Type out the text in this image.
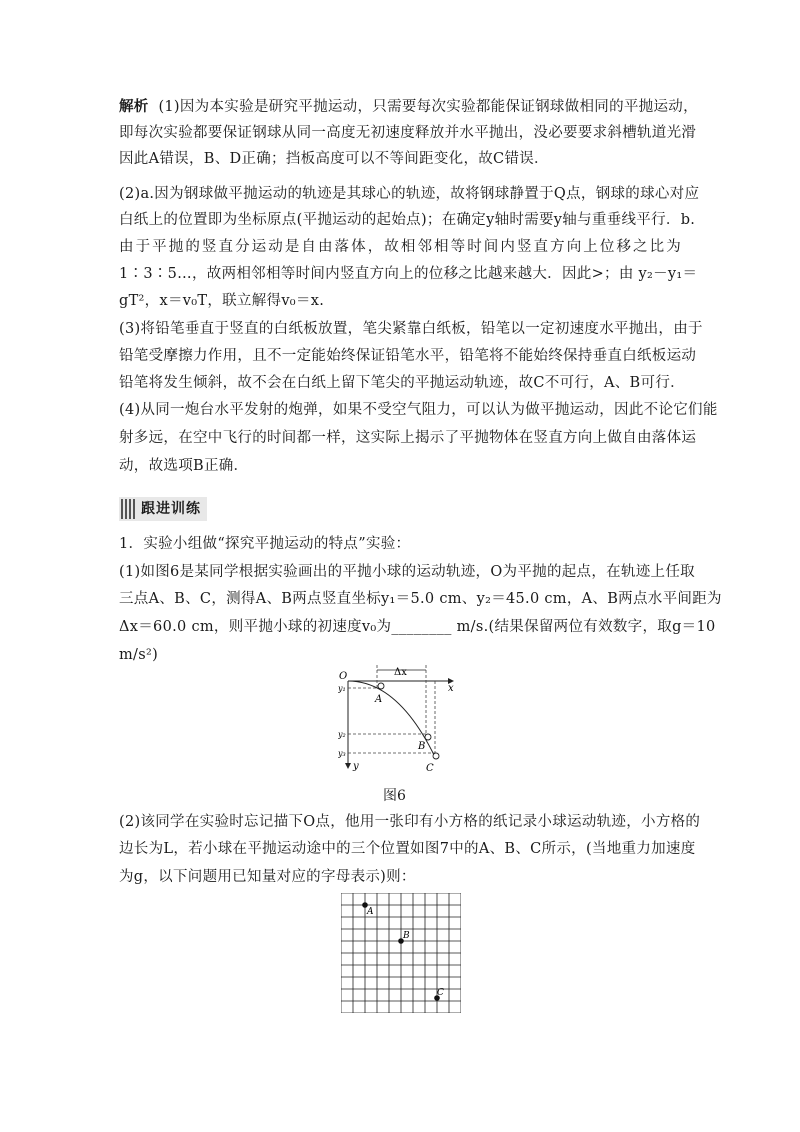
解析 (1)因为本实验是研究平抛运动，只需要每次实验都能保证钢球做相同的平抛运动，
即每次实验都要保证钢球从同一高度无初速度释放并水平抛出，没必要要求斜槽轨道光滑
因此A错误，B、D正确；挡板高度可以不等间距变化，故C错误．
(2)a.因为钢球做平抛运动的轨迹是其球心的轨迹，故将钢球静置于Q点，钢球的球心对应
白纸上的位置即为坐标原点(平抛运动的起始点)；在确定y轴时需要y轴与重垂线平行．b.
由于平抛的竖直分运动是自由落体，故相邻相等时间内竖直方向上位移之比为
1∶3∶5…，故两相邻相等时间内竖直方向上的位移之比越来越大．因此>；由 y₂－y₁＝
gT²，x＝v₀T，联立解得v₀＝x.
(3)将铅笔垂直于竖直的白纸板放置，笔尖紧靠白纸板，铅笔以一定初速度水平抛出，由于
铅笔受摩擦力作用，且不一定能始终保证铅笔水平，铅笔将不能始终保持垂直白纸板运动
铅笔将发生倾斜，故不会在白纸上留下笔尖的平抛运动轨迹，故C不可行，A、B可行．
(4)从同一炮台水平发射的炮弹，如果不受空气阻力，可以认为做平抛运动，因此不论它们能
射多远，在空中飞行的时间都一样，这实际上揭示了平抛物体在竖直方向上做自由落体运
动，故选项B正确．
跟进训练
1．实验小组做“探究平抛运动的特点”实验：
(1)如图6是某同学根据实验画出的平抛小球的运动轨迹，O为平抛的起点，在轨迹上任取
三点A、B、C，测得A、B两点竖直坐标y₁＝5.0 cm、y₂＝45.0 cm，A、B两点水平间距为
Δx＝60.0 cm，则平抛小球的初速度v₀为________ m/s.(结果保留两位有效数字，取g＝10
m/s²)
O	Δx
x
y
y₁
y₂
y₃
A
B
C
图6
(2)该同学在实验时忘记描下O点，他用一张印有小方格的纸记录小球运动轨迹，小方格的
边长为L，若小球在平抛运动途中的三个位置如图7中的A、B、C所示，(当地重力加速度
为g，以下问题用已知量对应的字母表示)则：
A
B
C
